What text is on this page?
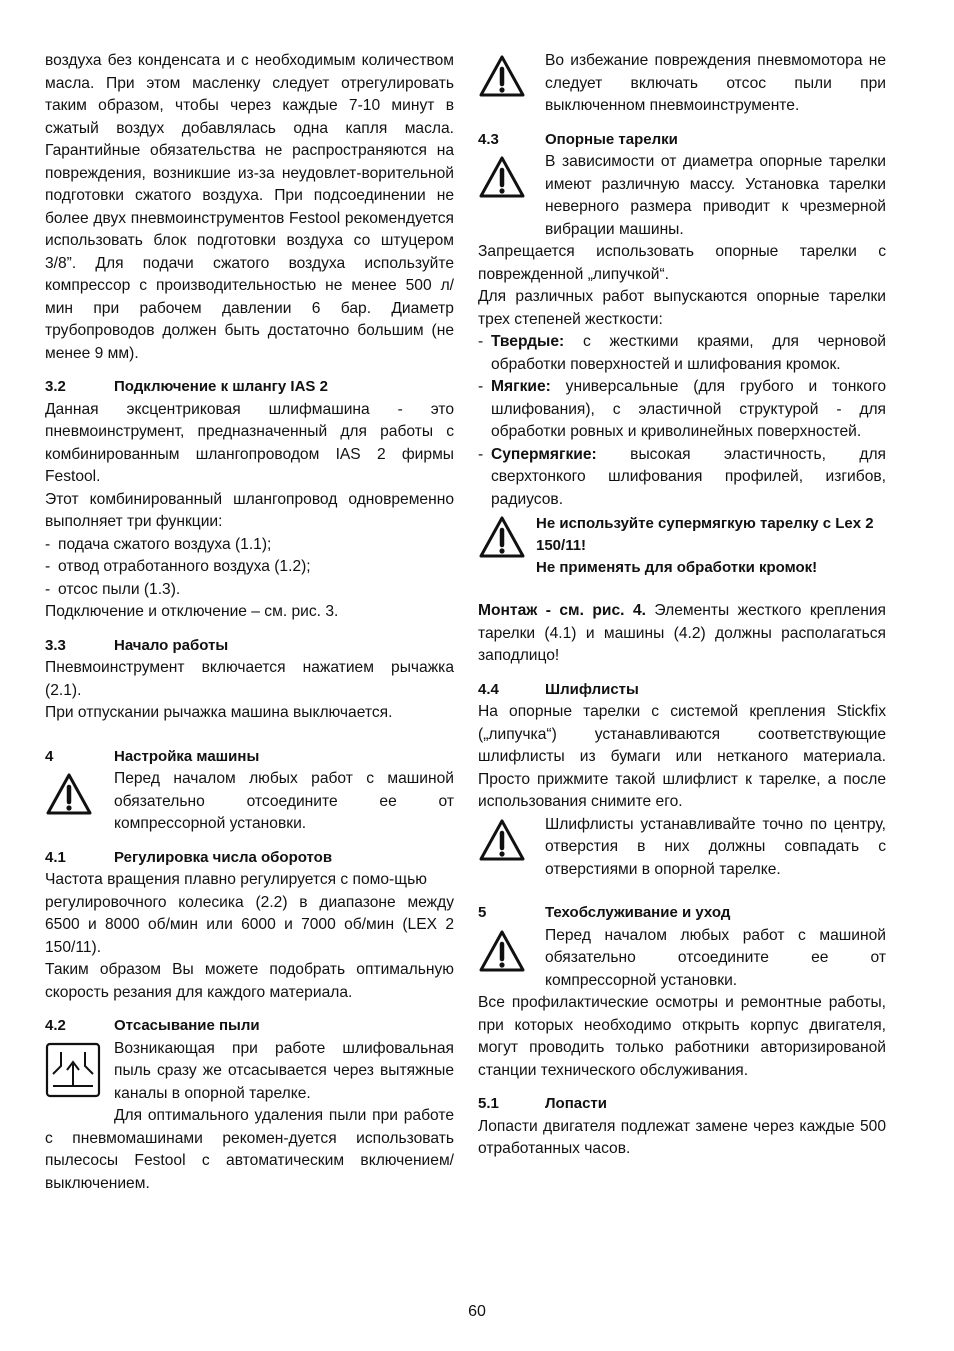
воздуха без конденсата и с необходимым количеством масла. При этом масленку следует отрегулировать таким образом, чтобы через каждые 7-10 минут в сжатый воздух добавлялась одна капля масла. Гарантийные обязательства не распространяются на повреждения, возникшие из-за неудовлет-ворительной подготовки сжатого воздуха. При подсоединении не более двух пневмоинструментов Festool рекомендуется использовать блок подготовки воздуха со штуцером 3/8”. Для подачи сжатого воздуха используйте компрессор с производительностью не менее 500 л/мин при рабочем давлении 6 бар. Диаметр трубопроводов должен быть достаточно большим (не менее 9 мм).

3.2	Подключение к шлангу IAS 2

Данная эксцентриковая шлифмашина - это пневмоинструмент, предназначенный для работы с комбинированным шлангопроводом IAS 2 фирмы Festool.

Этот комбинированный шлангопровод одновременно выполняет три функции:

- подача сжатого воздуха (1.1);
- отвод отработанного воздуха (1.2);
- отсос пыли (1.3).

Подключение и отключение – см. рис. 3.

3.3	Начало работы

Пневмоинструмент включается нажатием рычажка (2.1).

При отпускании рычажка машина выключается.

4	Настройка машины

Перед началом любых работ с машиной обязательно отсоедините ее от компрессорной установки.

4.1	Регулировка числа оборотов

Частота вращения плавно регулируется с помо-щью

регулировочного колесика (2.2) в диапазоне между 6500 и 8000 об/мин или 6000 и 7000 об/мин (LEX 2 150/11).

Таким образом Вы можете подобрать оптимальную скорость резания для каждого материала.

4.2	Отсасывание пыли

Возникающая при работе шлифовальная пыль сразу же отсасывается через вытяжные каналы в опорной тарелке.

Для оптимального удаления пыли при работе с пневмомашинами рекомен-дуется использовать пылесосы Festool с автоматическим включением/выключением.

Во избежание повреждения пневмомотора не следует включать отсос пыли при выключенном пневмоинструменте.

4.3	Опорные тарелки

В зависимости от диаметра опорные тарелки имеют различную массу. Установка тарелки неверного размера приводит к чрезмерной вибрации машины.

Запрещается использовать опорные тарелки с поврежденной „липучкой“.

Для различных работ выпускаются опорные тарелки трех степеней жесткости:

- Твердые: с жесткими краями, для черновой обработки поверхностей и шлифования кромок.
- Мягкие: универсальные (для грубого и тонкого шлифования), с эластичной структурой - для обработки ровных и криволинейных поверхностей.
- Супермягкие: высокая эластичность, для сверхтонкого шлифования профилей, изгибов, радиусов.
Не используйте супермягкую тарелку с Lex 2 150/11!
Не применять для обработки кромок!

Монтаж - см. рис. 4. Элементы жесткого крепления тарелки (4.1) и машины (4.2) должны располагаться заподлицо!

4.4	Шлифлисты

На опорные тарелки с системой крепления Stickfix („липучка“) устанавливаются соответствующие шлифлисты из бумаги или нетканого материала. Просто прижмите такой шлифлист к тарелке, а после использования снимите его.

Шлифлисты устанавливайте точно по центру, отверстия в них должны совпадать с отверстиями в опорной тарелке.

5	Техобслуживание и уход

Перед началом любых работ с машиной обязательно отсоедините ее от компрессорной установки.

Все профилактические осмотры и ремонтные работы, при которых необходимо открыть корпус двигателя, могут проводить только работники авторизированой станции технического обслуживания.

5.1	Лопасти

Лопасти двигателя подлежат замене через каждые 500 отработанных часов.

60
